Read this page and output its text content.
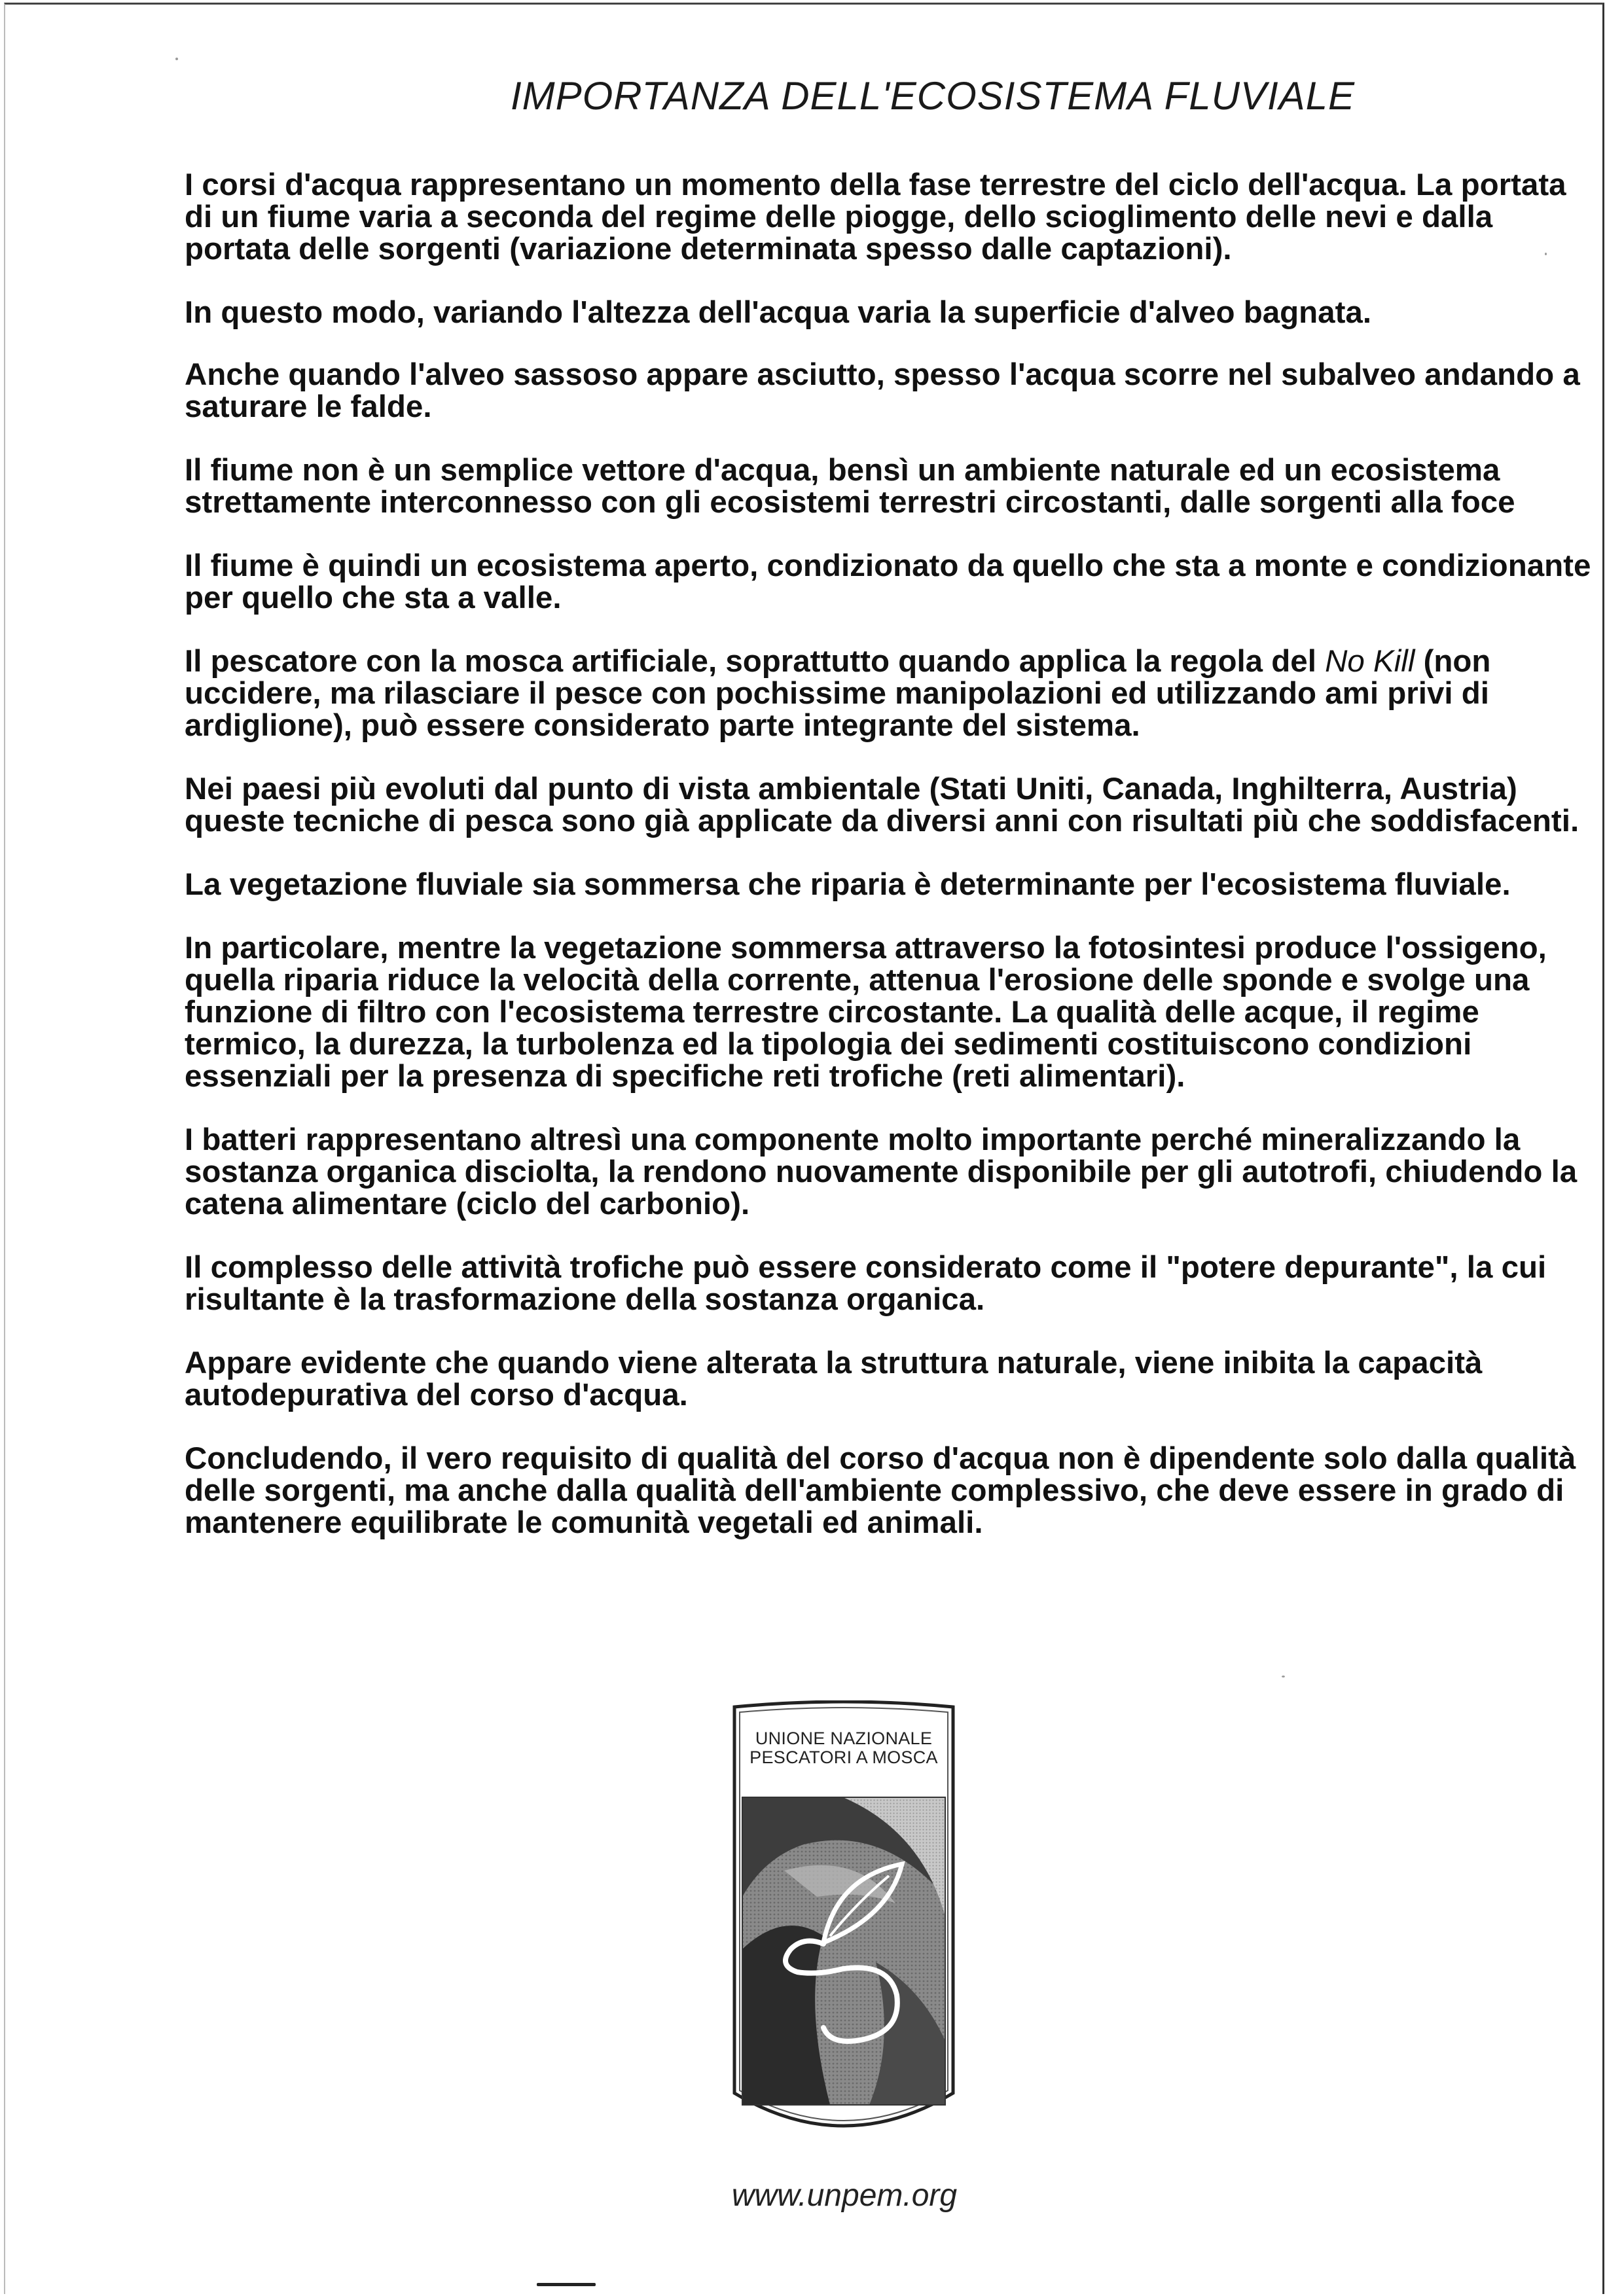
IMPORTANZA DELL'ECOSISTEMA FLUVIALE

I corsi d'acqua rappresentano un momento della fase terrestre del ciclo dell'acqua. La portata di un fiume varia a seconda del regime delle piogge, dello scioglimento delle nevi e dalla portata delle sorgenti (variazione determinata spesso dalle captazioni).

In questo modo, variando l'altezza dell'acqua varia la superficie d'alveo bagnata.

Anche quando l'alveo sassoso appare asciutto, spesso l'acqua scorre nel subalveo andando a saturare le falde.

Il fiume non è un semplice vettore d'acqua, bensì un ambiente naturale ed un ecosistema strettamente interconnesso con gli ecosistemi terrestri circostanti, dalle sorgenti alla foce

Il fiume è quindi un ecosistema aperto, condizionato da quello che sta a monte e condizionante per quello che sta a valle.

Il pescatore con la mosca artificiale, soprattutto quando applica la regola del No Kill (non uccidere, ma rilasciare il pesce con pochissime manipolazioni ed utilizzando ami privi di ardiglione), può essere considerato parte integrante del sistema.

Nei paesi più evoluti dal punto di vista ambientale (Stati Uniti, Canada, Inghilterra, Austria) queste tecniche di pesca sono già applicate da diversi anni con risultati più che soddisfacenti.

La vegetazione fluviale sia sommersa che riparia è determinante per l'ecosistema fluviale.

In particolare, mentre la vegetazione sommersa attraverso la fotosintesi produce l'ossigeno, quella riparia riduce la velocità della corrente, attenua l'erosione delle sponde e svolge una funzione di filtro con l'ecosistema terrestre circostante. La qualità delle acque, il regime termico, la durezza, la turbolenza ed la tipologia dei sedimenti costituiscono condizioni essenziali per la presenza di specifiche reti trofiche (reti alimentari).

I batteri rappresentano altresì una componente molto importante perché mineralizzando la sostanza organica disciolta, la rendono nuovamente disponibile per gli autotrofi, chiudendo la catena alimentare (ciclo del carbonio).

Il complesso delle attività trofiche può essere considerato come il "potere depurante", la cui risultante è la trasformazione della sostanza organica.

Appare evidente che quando viene alterata la struttura naturale, viene inibita la capacità autodepurativa del corso d'acqua.

Concludendo, il vero requisito di qualità del corso d'acqua non è dipendente solo dalla qualità delle sorgenti, ma anche dalla qualità dell'ambiente complessivo, che deve essere in grado di mantenere equilibrate le comunità vegetali ed animali.

UNIONE NAZIONALE
PESCATORI A MOSCA
www.unpem.org
